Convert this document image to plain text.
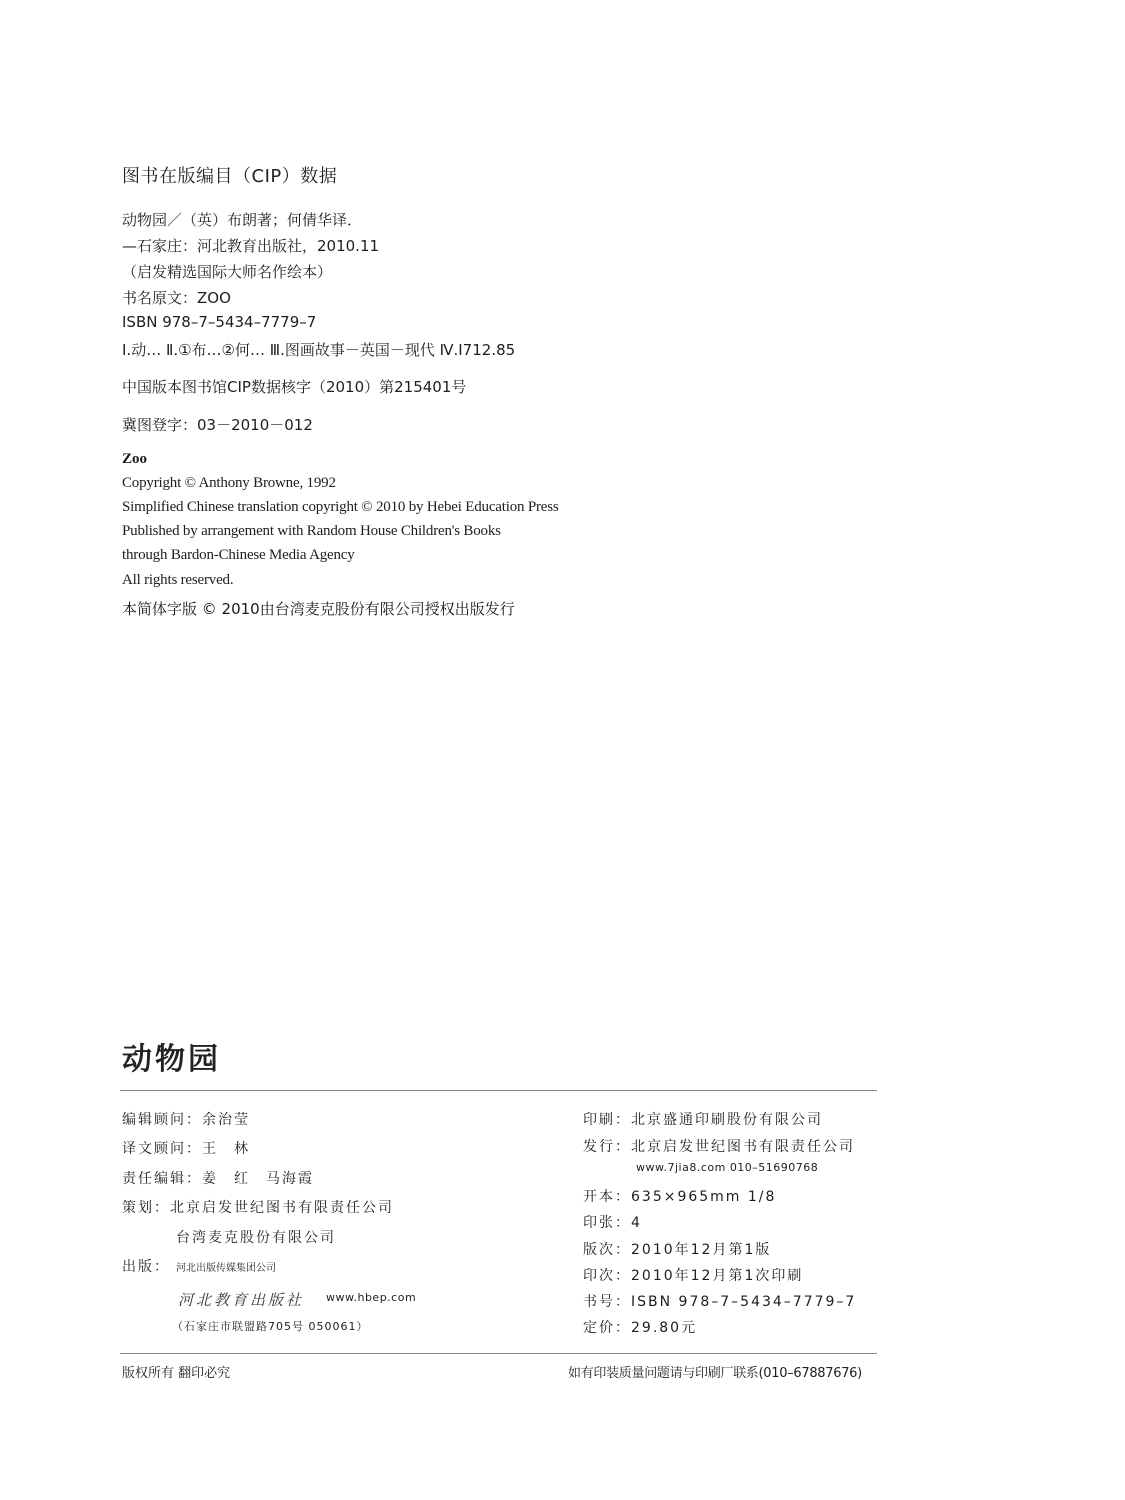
图书在版编目（CIP）数据
动物园／（英）布朗著；何倩华译．
—石家庄：河北教育出版社，2010.11
（启发精选国际大师名作绘本）
书名原文：ZOO
ISBN 978–7–5434–7779–7
Ⅰ.动… Ⅱ.①布…②何… Ⅲ.图画故事－英国－现代 Ⅳ.I712.85
中国版本图书馆CIP数据核字（2010）第215401号
冀图登字：03－2010－012
Zoo
Copyright © Anthony Browne, 1992
Simplified Chinese translation copyright © 2010 by Hebei Education Press
Published by arrangement with Random House Children's Books
through Bardon-Chinese Media Agency
All rights reserved.
本简体字版 © 2010由台湾麦克股份有限公司授权出版发行
动物园
编辑顾问：余治莹
译文顾问：王　林
责任编辑：姜　红　马海霞
策划：北京启发世纪图书有限责任公司
台湾麦克股份有限公司
出版： 河北出版传媒集团公司
河北教育出版社 www.hbep.com
（石家庄市联盟路705号 050061）
印刷：北京盛通印刷股份有限公司
发行：北京启发世纪图书有限责任公司
www.7jia8.com 010–51690768
开本：635×965mm 1/8
印张：4
版次：2010年12月第1版
印次：2010年12月第1次印刷
书号：ISBN 978–7–5434–7779–7
定价：29.80元
版权所有 翻印必究	如有印装质量问题请与印刷厂联系(010–67887676)
